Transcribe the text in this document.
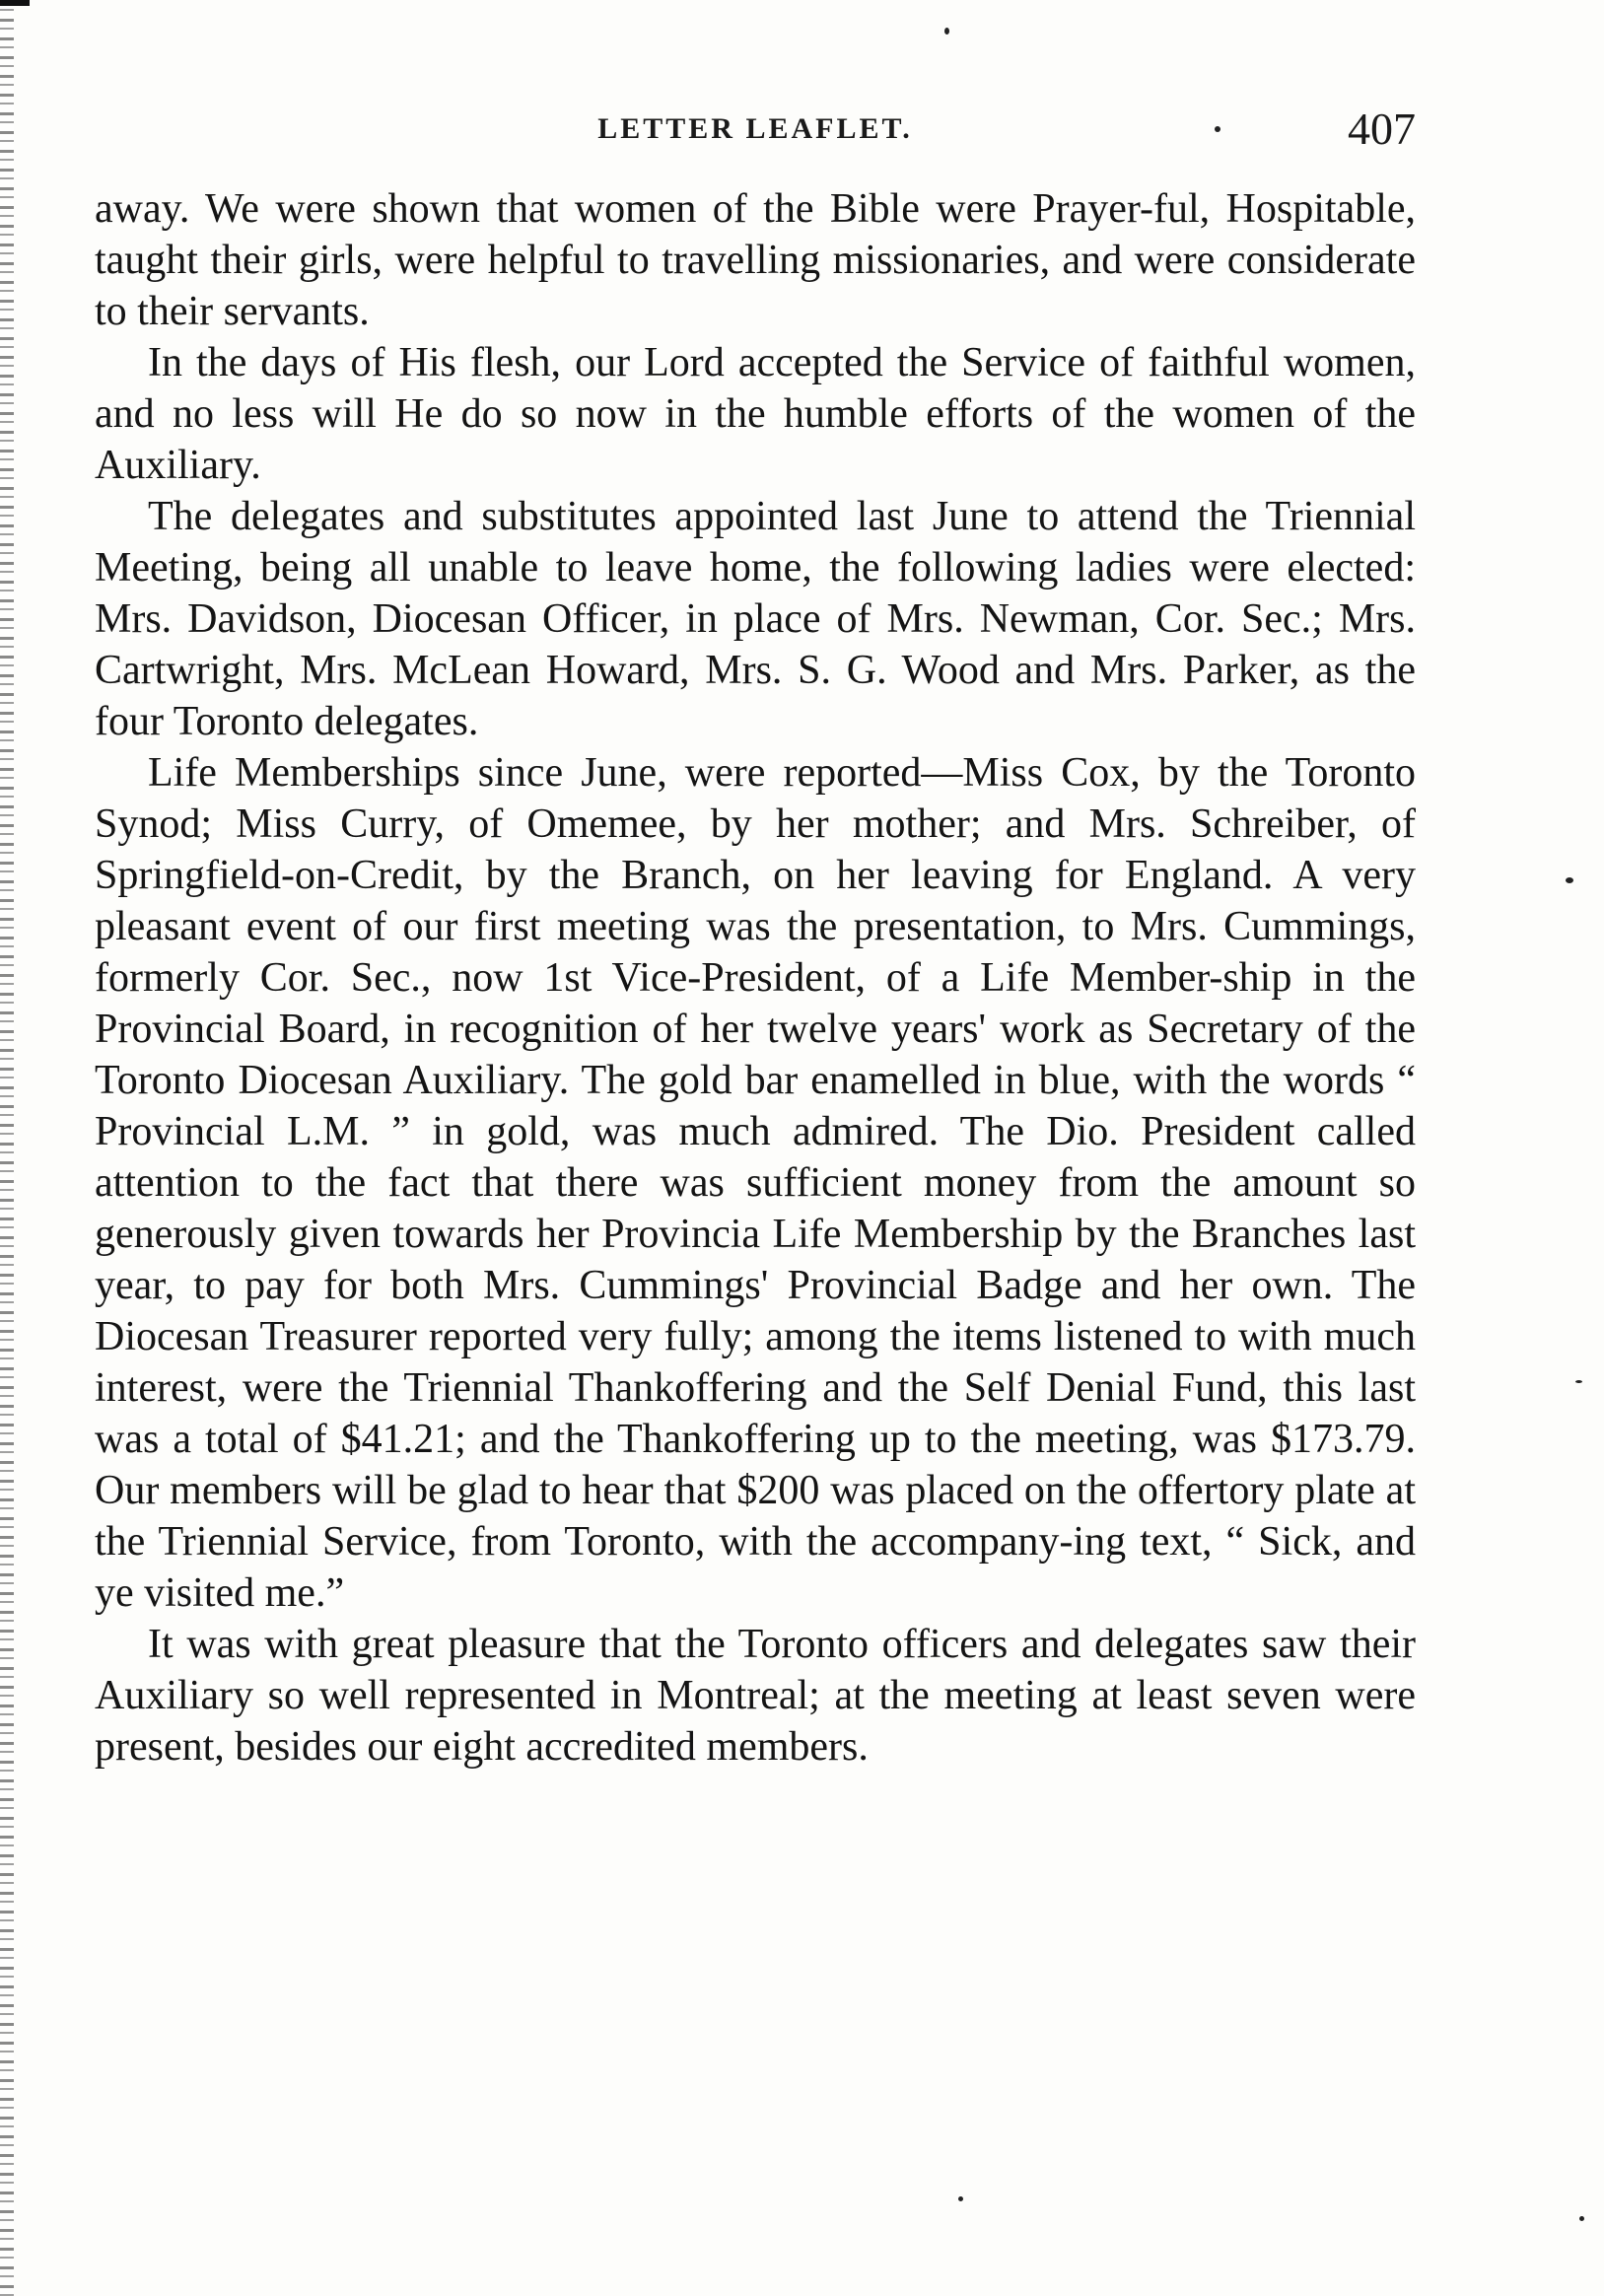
LETTER LEAFLET.	407

away. We were shown that women of the Bible were Prayer-ful, Hospitable, taught their girls, were helpful to travelling missionaries, and were considerate to their servants.

In the days of His flesh, our Lord accepted the Service of faithful women, and no less will He do so now in the humble efforts of the women of the Auxiliary.

The delegates and substitutes appointed last June to attend the Triennial Meeting, being all unable to leave home, the following ladies were elected: Mrs. Davidson, Diocesan Officer, in place of Mrs. Newman, Cor. Sec.; Mrs. Cartwright, Mrs. McLean Howard, Mrs. S. G. Wood and Mrs. Parker, as the four Toronto delegates.

Life Memberships since June, were reported—Miss Cox, by the Toronto Synod; Miss Curry, of Omemee, by her mother; and Mrs. Schreiber, of Springfield-on-Credit, by the Branch, on her leaving for England. A very pleasant event of our first meeting was the presentation, to Mrs. Cummings, formerly Cor. Sec., now 1st Vice-President, of a Life Member-ship in the Provincial Board, in recognition of her twelve years' work as Secretary of the Toronto Diocesan Auxiliary. The gold bar enamelled in blue, with the words “ Provincial L.M. ” in gold, was much admired. The Dio. President called attention to the fact that there was sufficient money from the amount so generously given towards her Provincia Life Membership by the Branches last year, to pay for both Mrs. Cummings' Provincial Badge and her own. The Diocesan Treasurer reported very fully; among the items listened to with much interest, were the Triennial Thankoffering and the Self Denial Fund, this last was a total of $41.21; and the Thankoffering up to the meeting, was $173.79. Our members will be glad to hear that $200 was placed on the offertory plate at the Triennial Service, from Toronto, with the accompany-ing text, “ Sick, and ye visited me.”

It was with great pleasure that the Toronto officers and delegates saw their Auxiliary so well represented in Montreal; at the meeting at least seven were present, besides our eight accredited members.
